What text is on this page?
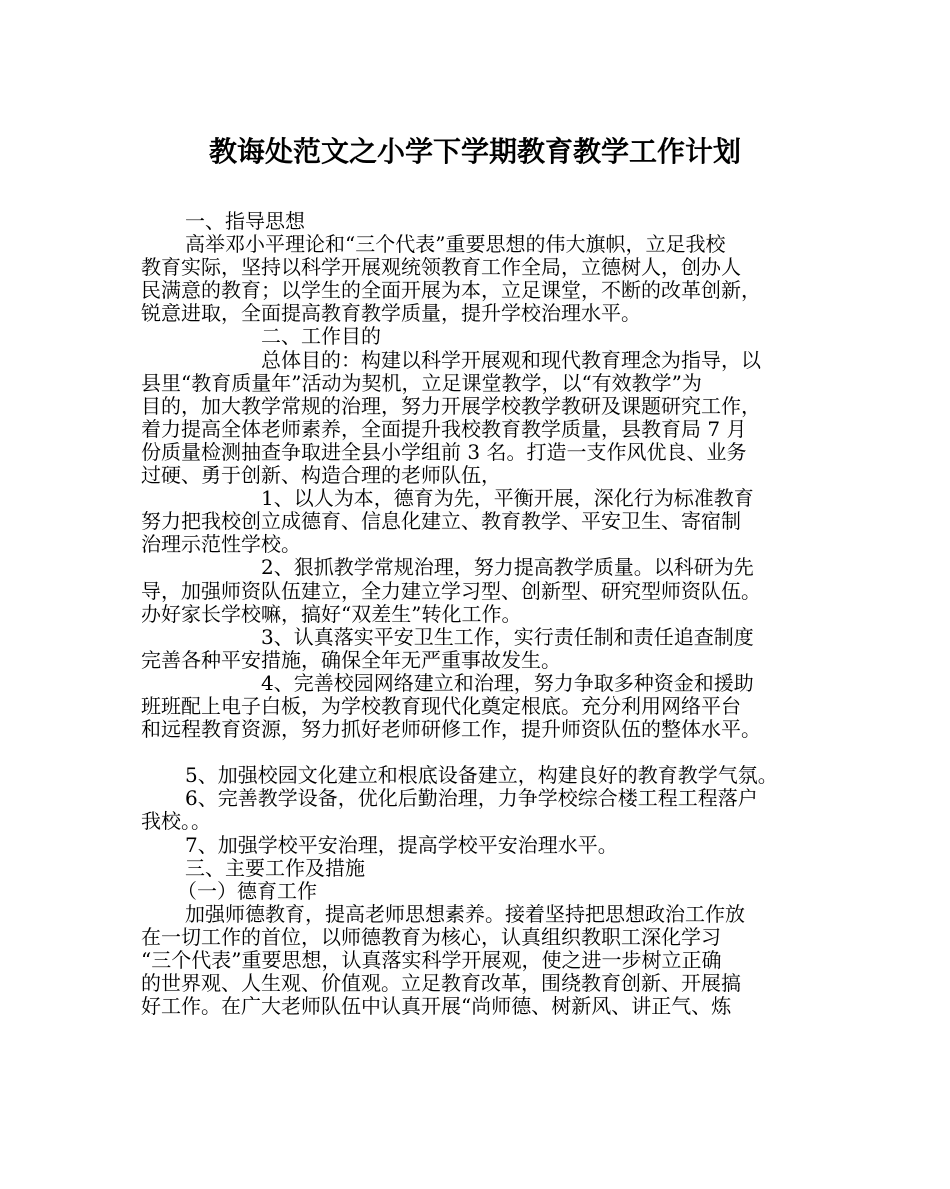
教诲处范文之小学下学期教育教学工作计划
一、指导思想
高举邓小平理论和“三个代表”重要思想的伟大旗帜，立足我校
教育实际，坚持以科学开展观统领教育工作全局，立德树人，创办人
民满意的教育；以学生的全面开展为本，立足课堂，不断的改革创新，
锐意进取，全面提高教育教学质量，提升学校治理水平。
二、工作目的
总体目的：构建以科学开展观和现代教育理念为指导，以
县里“教育质量年”活动为契机，立足课堂教学，以“有效教学”为
目的，加大教学常规的治理，努力开展学校教学教研及课题研究工作，
着力提高全体老师素养，全面提升我校教育教学质量，县教育局 7 月
份质量检测抽查争取进全县小学组前 3 名。打造一支作风优良、业务
过硬、勇于创新、构造合理的老师队伍，
1、以人为本，德育为先，平衡开展，深化行为标准教育
努力把我校创立成德育、信息化建立、教育教学、平安卫生、寄宿制
治理示范性学校。
2、狠抓教学常规治理，努力提高教学质量。以科研为先
导，加强师资队伍建立，全力建立学习型、创新型、研究型师资队伍。
办好家长学校嘛，搞好“双差生”转化工作。
3、认真落实平安卫生工作，实行责任制和责任追查制度
完善各种平安措施，确保全年无严重事故发生。
4、完善校园网络建立和治理，努力争取多种资金和援助
班班配上电子白板，为学校教育现代化奠定根底。充分利用网络平台
和远程教育资源，努力抓好老师研修工作，提升师资队伍的整体水平。
5、加强校园文化建立和根底设备建立，构建良好的教育教学气氛。
6、完善教学设备，优化后勤治理，力争学校综合楼工程工程落户
我校。。
7、加强学校平安治理，提高学校平安治理水平。
三、主要工作及措施
（一）德育工作
加强师德教育，提高老师思想素养。接着坚持把思想政治工作放
在一切工作的首位，以师德教育为核心，认真组织教职工深化学习
“三个代表”重要思想，认真落实科学开展观，使之进一步树立正确
的世界观、人生观、价值观。立足教育改革，围绕教育创新、开展搞
好工作。在广大老师队伍中认真开展“尚师德、树新风、讲正气、炼
